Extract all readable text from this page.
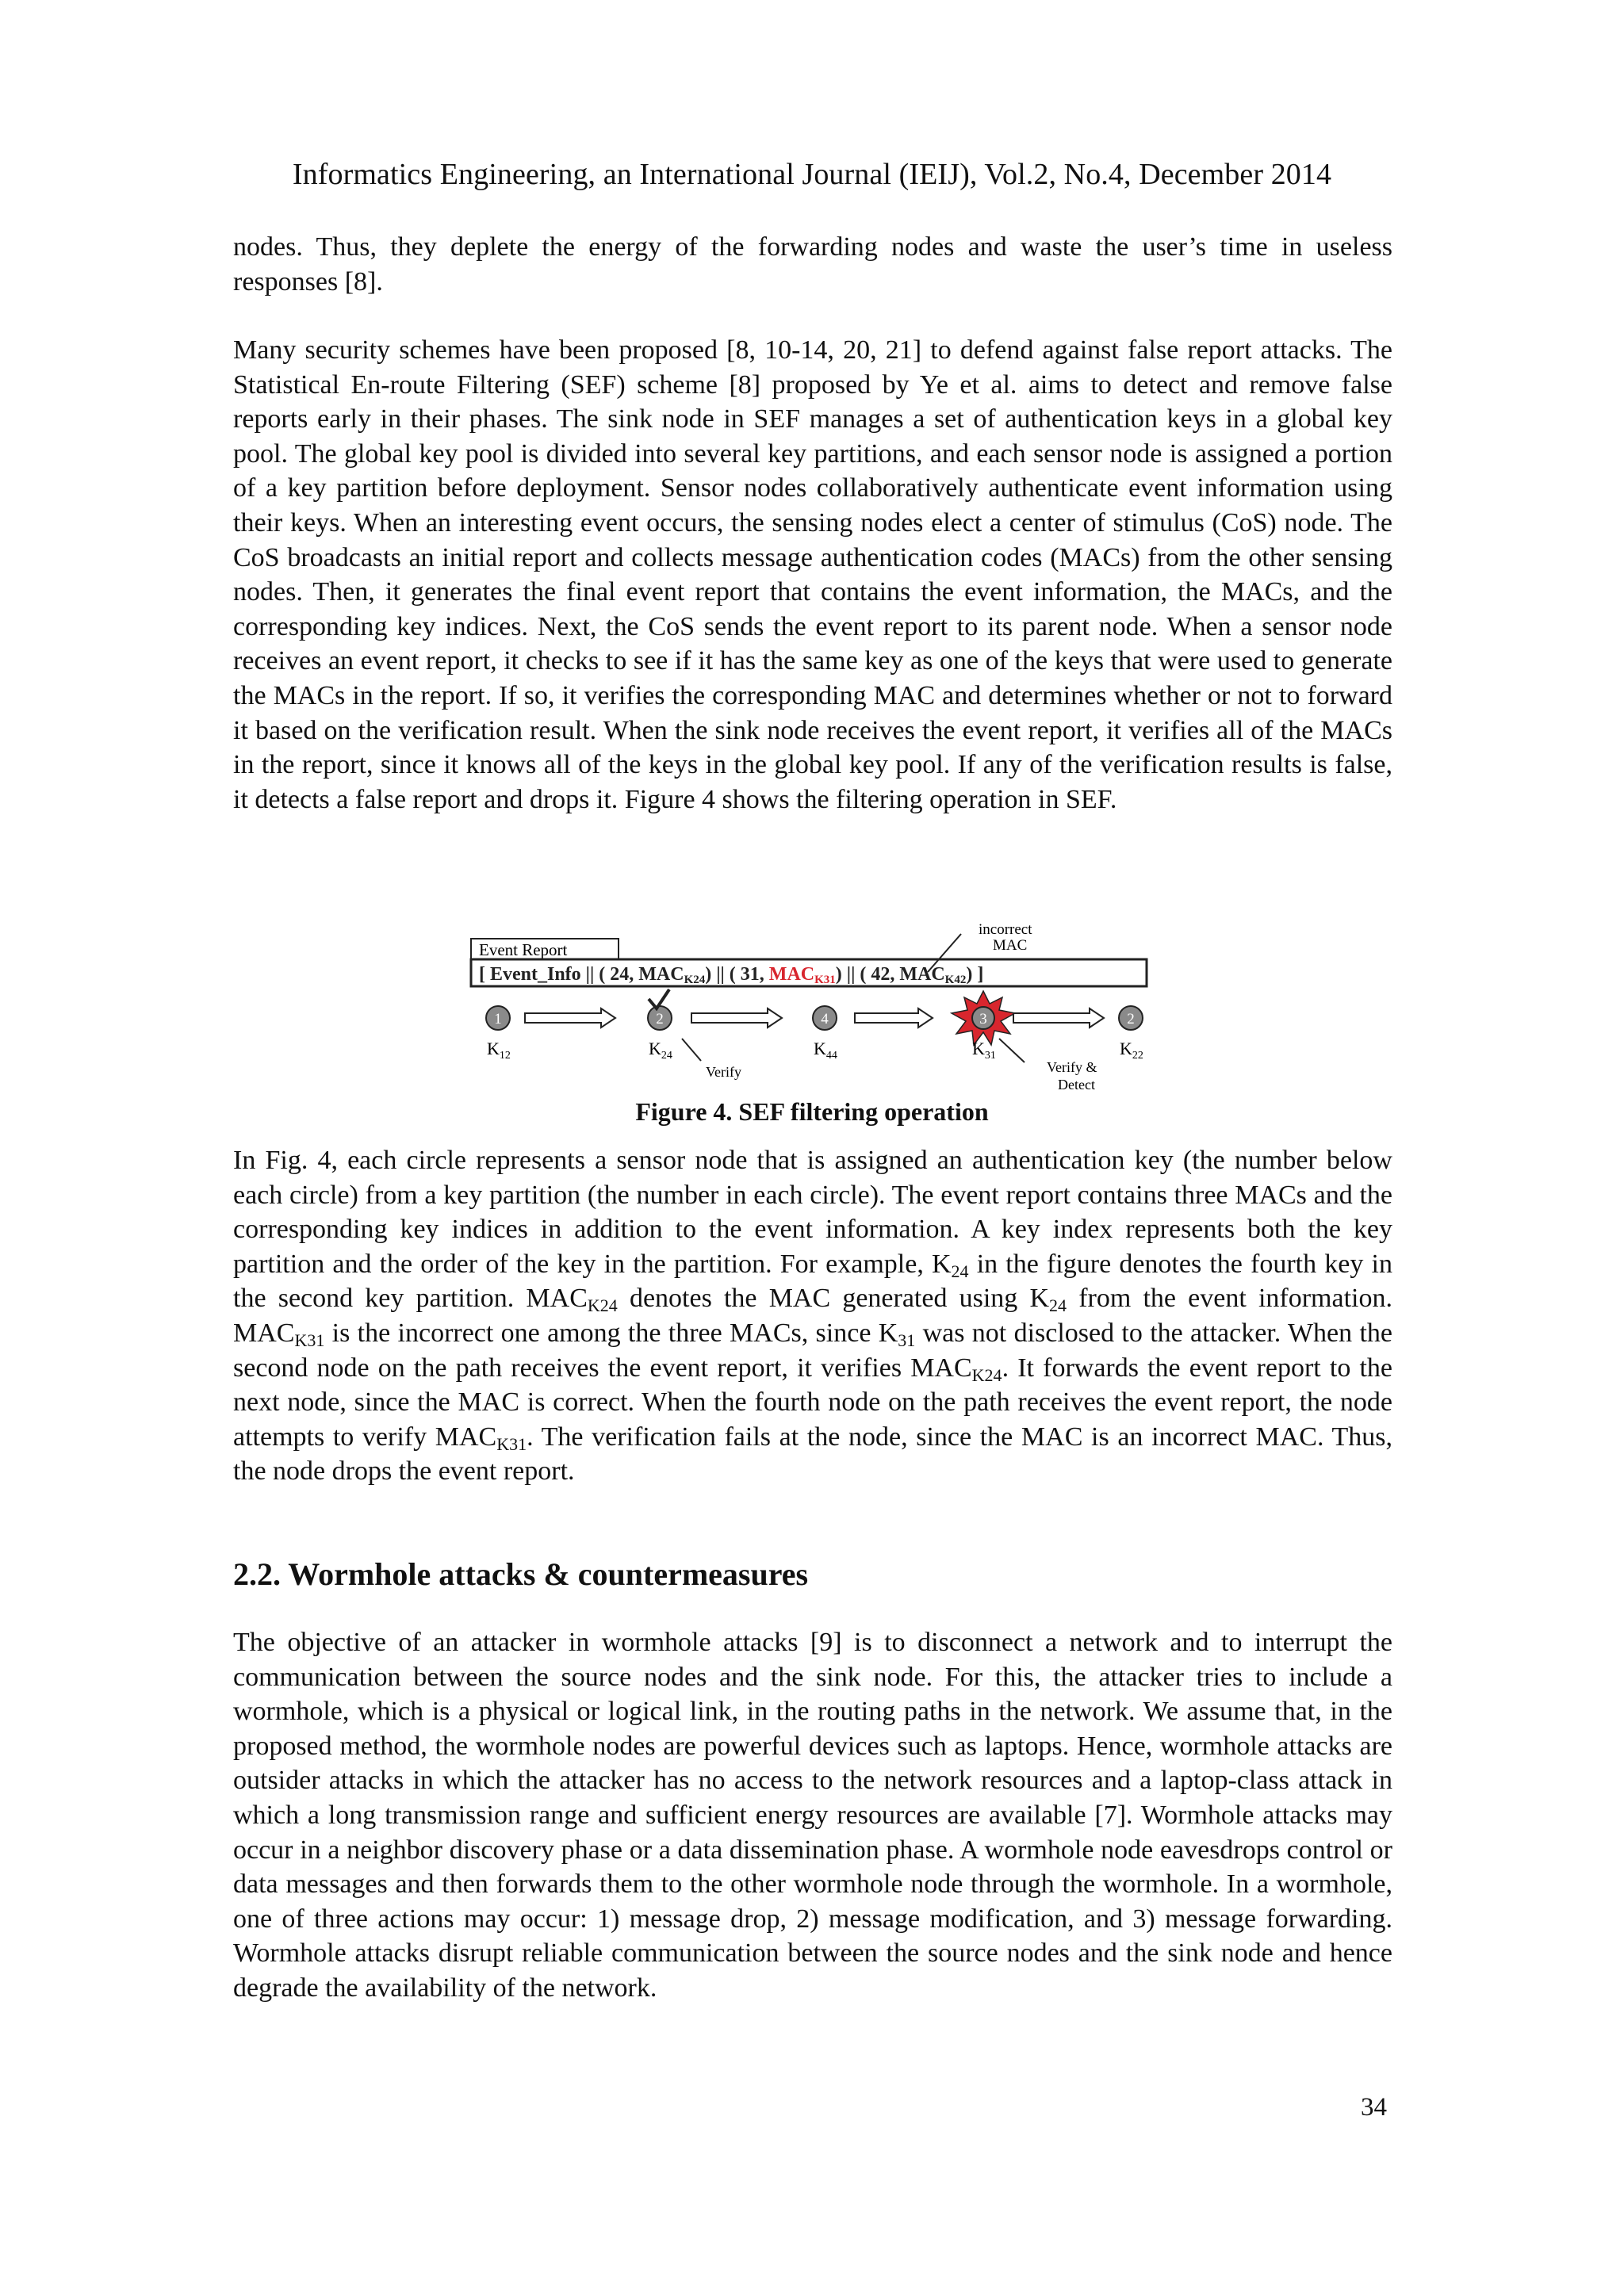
Informatics Engineering, an International Journal (IEIJ), Vol.2, No.4, December 2014

nodes. Thus, they deplete the energy of the forwarding nodes and waste the user’s time in useless responses [8].

Many security schemes have been proposed [8, 10-14, 20, 21] to defend against false report attacks. The Statistical En-route Filtering (SEF) scheme [8] proposed by Ye et al. aims to detect and remove false reports early in their phases. The sink node in SEF manages a set of authentication keys in a global key pool. The global key pool is divided into several key partitions, and each sensor node is assigned a portion of a key partition before deployment. Sensor nodes collaboratively authenticate event information using their keys. When an interesting event occurs, the sensing nodes elect a center of stimulus (CoS) node. The CoS broadcasts an initial report and collects message authentication codes (MACs) from the other sensing nodes. Then, it generates the final event report that contains the event information, the MACs, and the corresponding key indices. Next, the CoS sends the event report to its parent node. When a sensor node receives an event report, it checks to see if it has the same key as one of the keys that were used to generate the MACs in the report. If so, it verifies the corresponding MAC and determines whether or not to forward it based on the verification result. When the sink node receives the event report, it verifies all of the MACs in the report, since it knows all of the keys in the global key pool. If any of the verification results is false, it detects a false report and drops it. Figure 4 shows the filtering operation in SEF.

Event Report
[ Event_Info || ( 24, MACK24) || ( 31, MACK31) || ( 42, MACK42) ]
incorrect
MAC
1	2	4	3	2
$K_{12}$	$K_{24}$	$K_{44}$	$K_{31}$	$K_{22}$
Verify	Verify &
Detect
Figure 4. SEF filtering operation

In Fig. 4, each circle represents a sensor node that is assigned an authentication key (the number below each circle) from a key partition (the number in each circle). The event report contains three MACs and the corresponding key indices in addition to the event information. A key index represents both the key partition and the order of the key in the partition. For example, $K_{24}$ in the figure denotes the fourth key in the second key partition. $MAC_{K24}$ denotes the MAC generated using $K_{24}$ from the event information. $MAC_{K31}$ is the incorrect one among the three MACs, since $K_{31}$ was not disclosed to the attacker. When the second node on the path receives the event report, it verifies $MAC_{K24}$. It forwards the event report to the next node, since the MAC is correct. When the fourth node on the path receives the event report, the node attempts to verify $MAC_{K31}$. The verification fails at the node, since the MAC is an incorrect MAC. Thus, the node drops the event report.

2.2. Wormhole attacks & countermeasures

The objective of an attacker in wormhole attacks [9] is to disconnect a network and to interrupt the communication between the source nodes and the sink node. For this, the attacker tries to include a wormhole, which is a physical or logical link, in the routing paths in the network. We assume that, in the proposed method, the wormhole nodes are powerful devices such as laptops. Hence, wormhole attacks are outsider attacks in which the attacker has no access to the network resources and a laptop-class attack in which a long transmission range and sufficient energy resources are available [7]. Wormhole attacks may occur in a neighbor discovery phase or a data dissemination phase. A wormhole node eavesdrops control or data messages and then forwards them to the other wormhole node through the wormhole. In a wormhole, one of three actions may occur: 1) message drop, 2) message modification, and 3) message forwarding. Wormhole attacks disrupt reliable communication between the source nodes and the sink node and hence degrade the availability of the network.

34
